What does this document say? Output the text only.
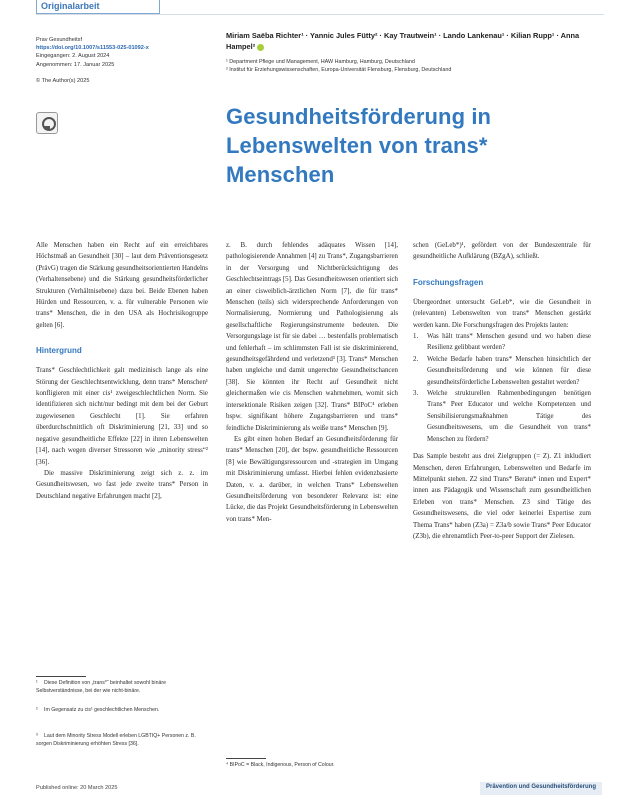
Originalarbeit
Prav Gesundheitsf
https://doi.org/10.1007/s11553-025-01092-x
Eingegangen: 2. August 2024
Angenommen: 17. Januar 2025
© The Author(s) 2025
Miriam Saëba Richter¹ · Yannic Jules Fütty² · Kay Trautwein¹ · Lando Lankenau¹ · Kilian Rupp¹ · Anna Hampel²
¹ Department Pflege und Management, HAW Hamburg, Hamburg, Deutschland
² Institut für Erziehungswissenschaften, Europa-Universität Flensburg, Flensburg, Deutschland
Gesundheitsförderung in Lebenswelten von trans* Menschen

Alle Menschen haben ein Recht auf ein erreichbares Höchstmaß an Gesundheit [30] – laut dem Präventionsgesetz (PrävG) tragen die Stärkung gesundheitsorientierten Handelns (Verhaltensebene) und die Stärkung gesundheitsförderlicher Strukturen (Verhältnisebene) dazu bei. Beide Ebenen haben Hürden und Ressourcen, v. a. für vulnerable Personen wie trans* Menschen, die in den USA als Hochrisikogruppe gelten [6].

Hintergrund

Trans* Geschlechtlichkeit galt medizinisch lange als eine Störung der Geschlechtsentwicklung, denn trans* Menschen¹ konfligieren mit einer cis¹ zweigeschlechtlichen Norm. Sie identifizieren sich nicht/nur bedingt mit dem bei der Geburt zugewiesenen Geschlecht [1]. Sie erfahren überdurchschnittlich oft Diskriminierung [21, 33] und so negative gesundheitliche Effekte [22] in ihren Lebenswelten [14], nach wegen diverser Stressoren wie „minority stress“² [36].

Die massive Diskriminierung zeigt sich z. z. im Gesundheitswesen, wo fast jede zweite trans* Person in Deutschland negative Erfahrungen macht [2],

¹ Diese Definition von „trans*“ beinhaltet sowohl binäre Selbstverständnisse, bei der wie nicht-binäre.
² Im Gegensatz zu cis¹ geschlechtlichen Menschen.
³ Laut dem Minority Stress Modell erleben LGBTIQ+ Personen z. B. sorgen Diskriminierung erhöhten Stress [36].

z. B. durch fehlendes adäquates Wissen [14], pathologisierende Annahmen [4] zu Trans*, Zugangsbarrieren in der Versorgung und Nichtberücksichtigung des Geschlechtseintrags [5]. Das Gesundheitswesen orientiert sich an einer cisweiblich-ärztlichen Norm [7], die für trans* Menschen (teils) sich widersprechende Anforderungen von Normalisierung, Normierung und Pathologisierung als gesellschaftliche Regierungsinstrumente bedeuten. Die Versorgungslage ist für sie dabei … bestenfalls problematisch und fehlerhaft – im schlimmsten Fall ist sie diskriminierend, gesundheitsgefährdend und verletzend³ [3]. Trans* Menschen haben ungleiche und damit ungerechte Gesundheitschancen [38]. Sie könnten ihr Recht auf Gesundheit nicht gleichermaßen wie cis Menschen wahrnehmen, womit sich intersektionale Risiken zeigen [32]. Trans* BIPoC⁴ erleben bspw. signifikant höhere Zugangsbarrieren und trans* feindliche Diskriminierung als weiße trans* Menschen [9].

Es gibt einen hohen Bedarf an Gesundheitsförderung für trans* Menschen [20], der bspw. gesundheitliche Ressourcen [8] wie Bewältigungsressourcen und -strategien im Umgang mit Diskriminierung umfasst. Hierbei fehlen evidenzbasierte Daten, v. a. darüber, in welchen Trans* Lebenswelten Gesundheitsförderung von besonderer Relevanz ist: eine Lücke, die das Projekt Gesundheitsförderung in Lebenswelten von trans* Men-

⁴ BIPoC = Black, Indigenous, Person of Colour.

schen (GeLeb*)¹, gefördert von der Bundeszentrale für gesundheitliche Aufklärung (BZgA), schließt.

Forschungsfragen

Übergeordnet untersucht GeLeb*, wie die Gesundheit in (relevanten) Lebenswelten von trans* Menschen gestärkt werden kann. Die Forschungsfragen des Projekts lauten:

1. Was hält trans* Menschen gesund und wo haben diese Resilienz gelibbaut werden?
2. Welche Bedarfe haben trans* Menschen hinsichtlich der Gesundheitsförderung und wie können für diese gesundheitsförderliche Lebenswelten gestaltet werden?
3. Welche strukturellen Rahmenbedingungen benötigen Trans* Peer Educator und welche Kompetenzen und Sensibilisierungsmaßnahmen Tätige des Gesundheitswesens, um die Gesundheit von trans* Menschen zu fördern?

Das Sample besteht aus drei Zielgruppen (= Z). Z1 inkludiert Menschen, deren Erfahrungen, Lebenswelten und Bedarfe im Mittelpunkt stehen. Z2 sind Trans* Beratu* innen und Expert* innen aus Pädagogik und Wissenschaft zum gesundheitlichen Erleben von trans* Menschen. Z3 sind Tätige des Gesundheitswesens, die viel oder keinerlei Expertise zum Thema Trans* haben (Z3a) = Z3a/b sowie Trans* Peer Educator (Z3b), die ehrenamtlich Peer-to-peer Support der Zielesen.

Published online: 20 March 2025	Prävention und Gesundheitsförderung
